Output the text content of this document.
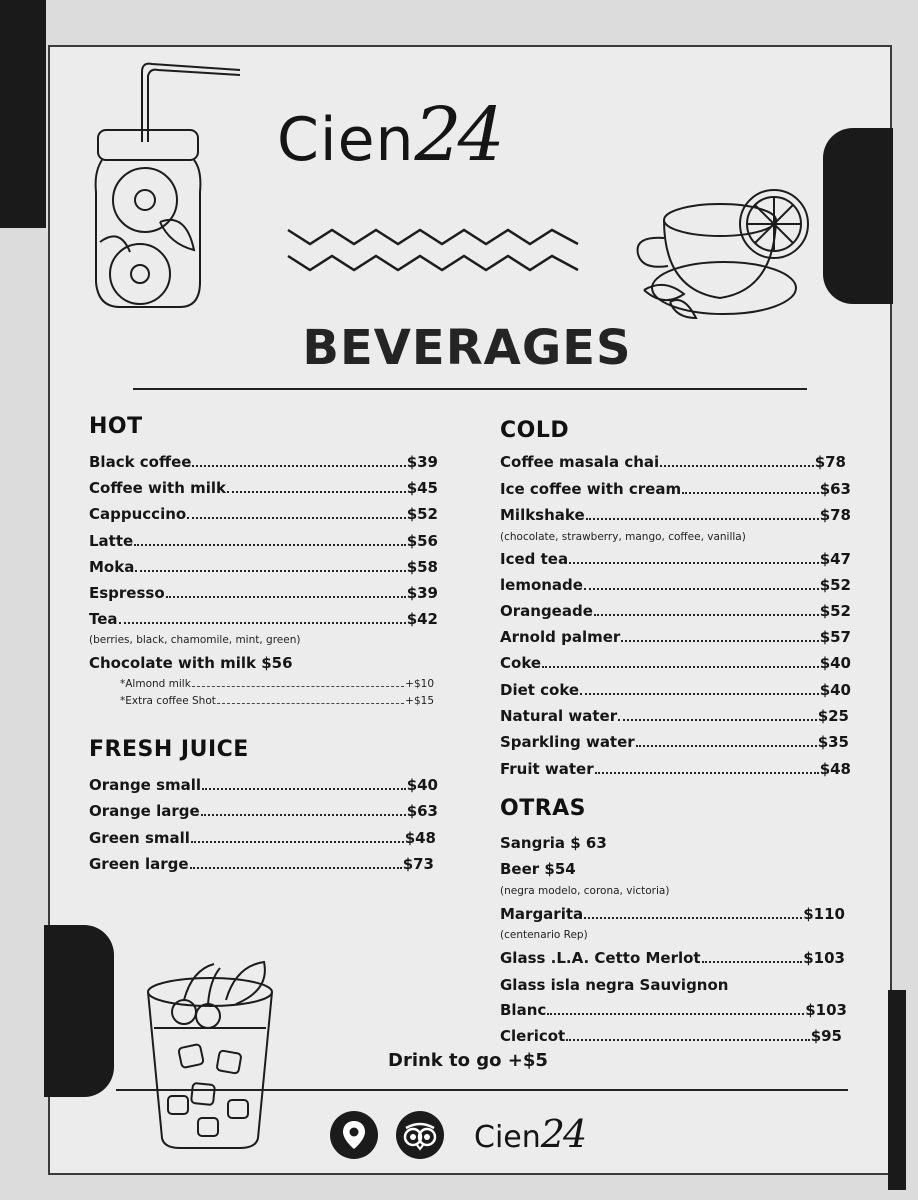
Cien24
BEVERAGES
HOT
Black coffee	$39
Coffee with milk	$45
Cappuccino	$52
Latte	$56
Moka	$58
Espresso	$39
Tea	$42
(berries, black, chamomile, mint, green)
Chocolate with milk $56
*Almond milk	+$10
*Extra coffee Shot	+$15
FRESH JUICE
Orange small	$40
Orange large	$63
Green small	$48
Green large	$73
COLD
Coffee masala chai	$78
Ice coffee with cream	$63
Milkshake	$78
(chocolate, strawberry, mango, coffee, vanilla)
Iced tea	$47
lemonade	$52
Orangeade	$52
Arnold palmer	$57
Coke	$40
Diet coke	$40
Natural water	$25
Sparkling water	$35
Fruit water	$48
OTRAS
Sangria $ 63
Beer $54
(negra modelo, corona, victoria)
Margarita	$110
(centenario Rep)
Glass .L.A. Cetto Merlot	$103
Glass isla negra Sauvignon
Blanc	$103
Clericot	$95
Drink to go +$5
Cien24
